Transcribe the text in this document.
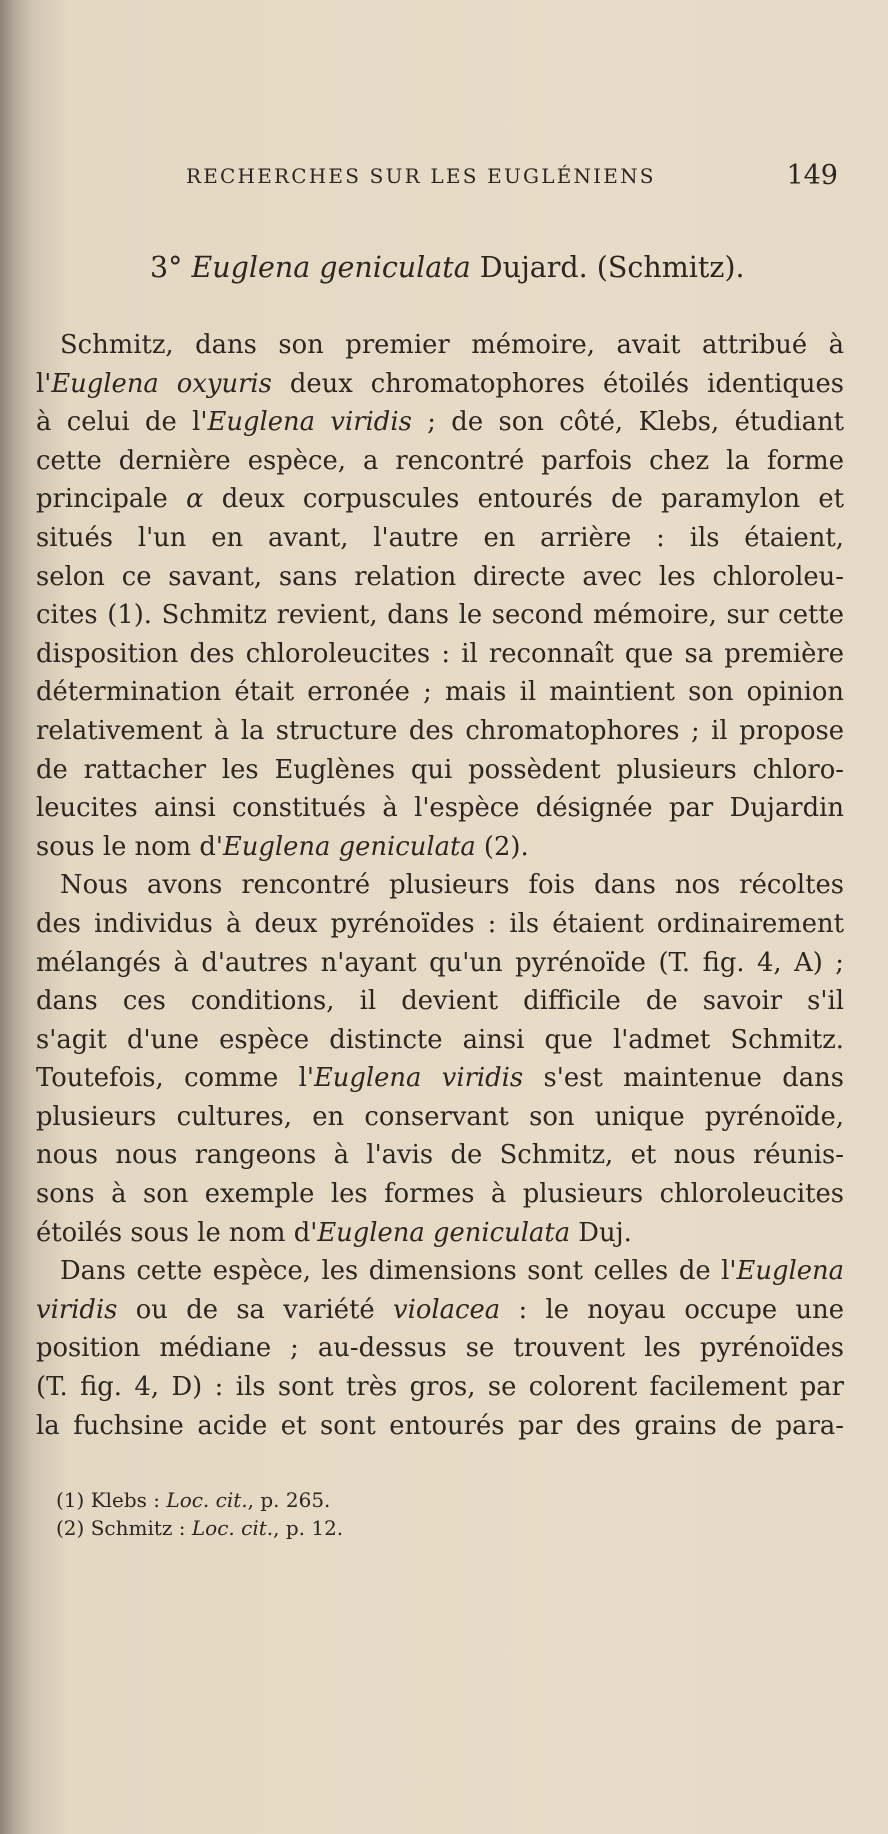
RECHERCHES SUR LES EUGLÉNIENS	149
3° Euglena geniculata Dujard. (Schmitz).
Schmitz, dans son premier mémoire, avait attribué à
l'Euglena oxyuris deux chromatophores étoilés identiques
à celui de l'Euglena viridis ; de son côté, Klebs, étudiant
cette dernière espèce, a rencontré parfois chez la forme
principale α deux corpuscules entourés de paramylon et
situés l'un en avant, l'autre en arrière : ils étaient,
selon ce savant, sans relation directe avec les chloroleu-
cites (1). Schmitz revient, dans le second mémoire, sur cette
disposition des chloroleucites : il reconnaît que sa première
détermination était erronée ; mais il maintient son opinion
relativement à la structure des chromatophores ; il propose
de rattacher les Euglènes qui possèdent plusieurs chloro-
leucites ainsi constitués à l'espèce désignée par Dujardin
sous le nom d'Euglena geniculata (2).
Nous avons rencontré plusieurs fois dans nos récoltes
des individus à deux pyrénoïdes : ils étaient ordinairement
mélangés à d'autres n'ayant qu'un pyrénoïde (T. fig. 4, A) ;
dans ces conditions, il devient difficile de savoir s'il
s'agit d'une espèce distincte ainsi que l'admet Schmitz.
Toutefois, comme l'Euglena viridis s'est maintenue dans
plusieurs cultures, en conservant son unique pyrénoïde,
nous nous rangeons à l'avis de Schmitz, et nous réunis-
sons à son exemple les formes à plusieurs chloroleucites
étoilés sous le nom d'Euglena geniculata Duj.
Dans cette espèce, les dimensions sont celles de l'Euglena
viridis ou de sa variété violacea : le noyau occupe une
position médiane ; au-dessus se trouvent les pyrénoïdes
(T. fig. 4, D) : ils sont très gros, se colorent facilement par
la fuchsine acide et sont entourés par des grains de para-
(1) Klebs : Loc. cit., p. 265.
(2) Schmitz : Loc. cit., p. 12.
